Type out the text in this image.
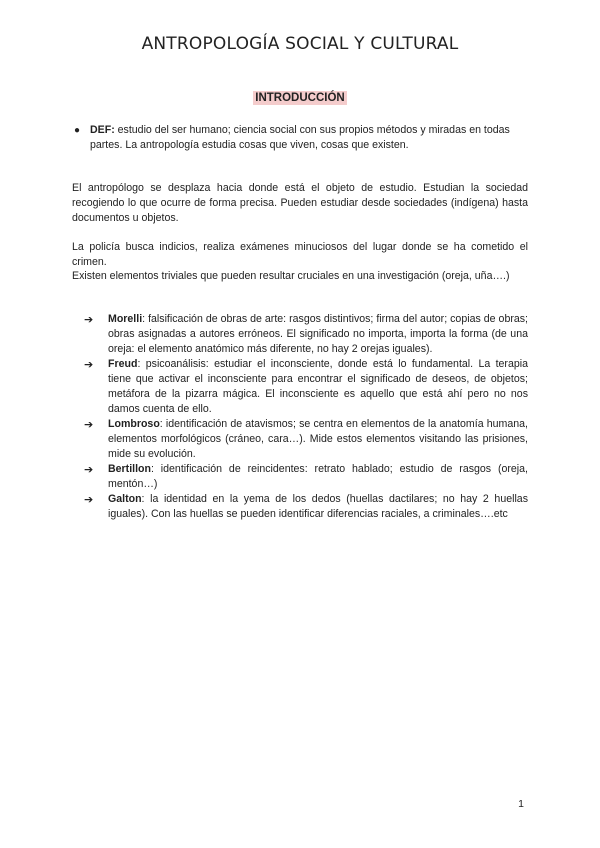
ANTROPOLOGÍA SOCIAL Y CULTURAL
INTRODUCCIÓN
● DEF: estudio del ser humano; ciencia social con sus propios métodos y miradas en todas partes. La antropología estudia cosas que viven, cosas que existen.
El antropólogo se desplaza hacia donde está el objeto de estudio. Estudian la sociedad recogiendo lo que ocurre de forma precisa. Pueden estudiar desde sociedades (indígena) hasta documentos u objetos.
La policía busca indicios, realiza exámenes minuciosos del lugar donde se ha cometido el crimen.
Existen elementos triviales que pueden resultar cruciales en una investigación (oreja, uña….)
➔ Morelli: falsificación de obras de arte: rasgos distintivos; firma del autor; copias de obras; obras asignadas a autores erróneos. El significado no importa, importa la forma (de una oreja: el elemento anatómico más diferente, no hay 2 orejas iguales).
➔ Freud: psicoanálisis: estudiar el inconsciente, donde está lo fundamental. La terapia tiene que activar el inconsciente para encontrar el significado de deseos, de objetos; metáfora de la pizarra mágica. El inconsciente es aquello que está ahí pero no nos damos cuenta de ello.
➔ Lombroso: identificación de atavismos; se centra en elementos de la anatomía humana, elementos morfológicos (cráneo, cara…). Mide estos elementos visitando las prisiones, mide su evolución.
➔ Bertillon: identificación de reincidentes: retrato hablado; estudio de rasgos (oreja, mentón…)
➔ Galton: la identidad en la yema de los dedos (huellas dactilares; no hay 2 huellas iguales). Con las huellas se pueden identificar diferencias raciales, a criminales….etc
1
